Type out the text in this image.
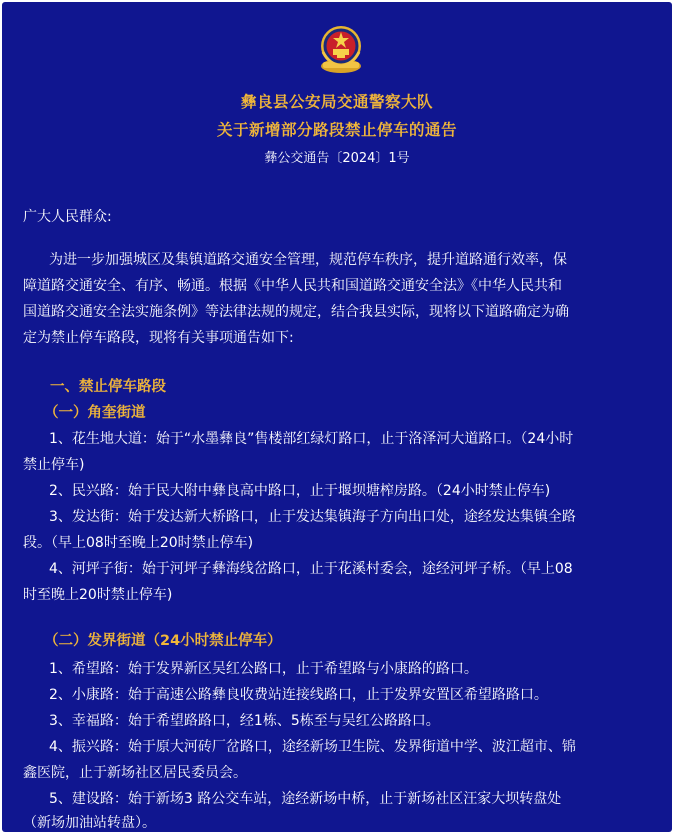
彝良县公安局交通警察大队
关于新增部分路段禁止停车的通告
彝公交通告〔2024〕1号
广大人民群众:
为进一步加强城区及集镇道路交通安全管理，规范停车秩序，提升道路通行效率，保
障道路交通安全、有序、畅通。根据《中华人民共和国道路交通安全法》《中华人民共和
国道路交通安全法实施条例》等法律法规的规定，结合我县实际，现将以下道路确定为确
定为禁止停车路段，现将有关事项通告如下:
一、禁止停车路段
（一）角奎街道
1、花生地大道：始于“水墨彝良”售楼部红绿灯路口，止于洛泽河大道路口。（24小时
禁止停车)
2、民兴路：始于民大附中彝良高中路口，止于堰坝塘榨房路。（24小时禁止停车)
3、发达街：始于发达新大桥路口，止于发达集镇海子方向出口处，途经发达集镇全路
段。（早上08时至晚上20时禁止停车)
4、河坪子街：始于河坪子彝海线岔路口，止于花溪村委会，途经河坪子桥。（早上08
时至晚上20时禁止停车)
（二）发界街道（24小时禁止停车）
1、希望路：始于发界新区吴红公路口，止于希望路与小康路的路口。
2、小康路：始于高速公路彝良收费站连接线路口，止于发界安置区希望路路口。
3、幸福路：始于希望路路口，经1栋、5栋至与吴红公路路口。
4、振兴路：始于原大河砖厂岔路口，途经新场卫生院、发界街道中学、波江超市、锦
鑫医院，止于新场社区居民委员会。
5、建设路：始于新场3 路公交车站，途经新场中桥，止于新场社区汪家大坝转盘处
（新场加油站转盘）。
